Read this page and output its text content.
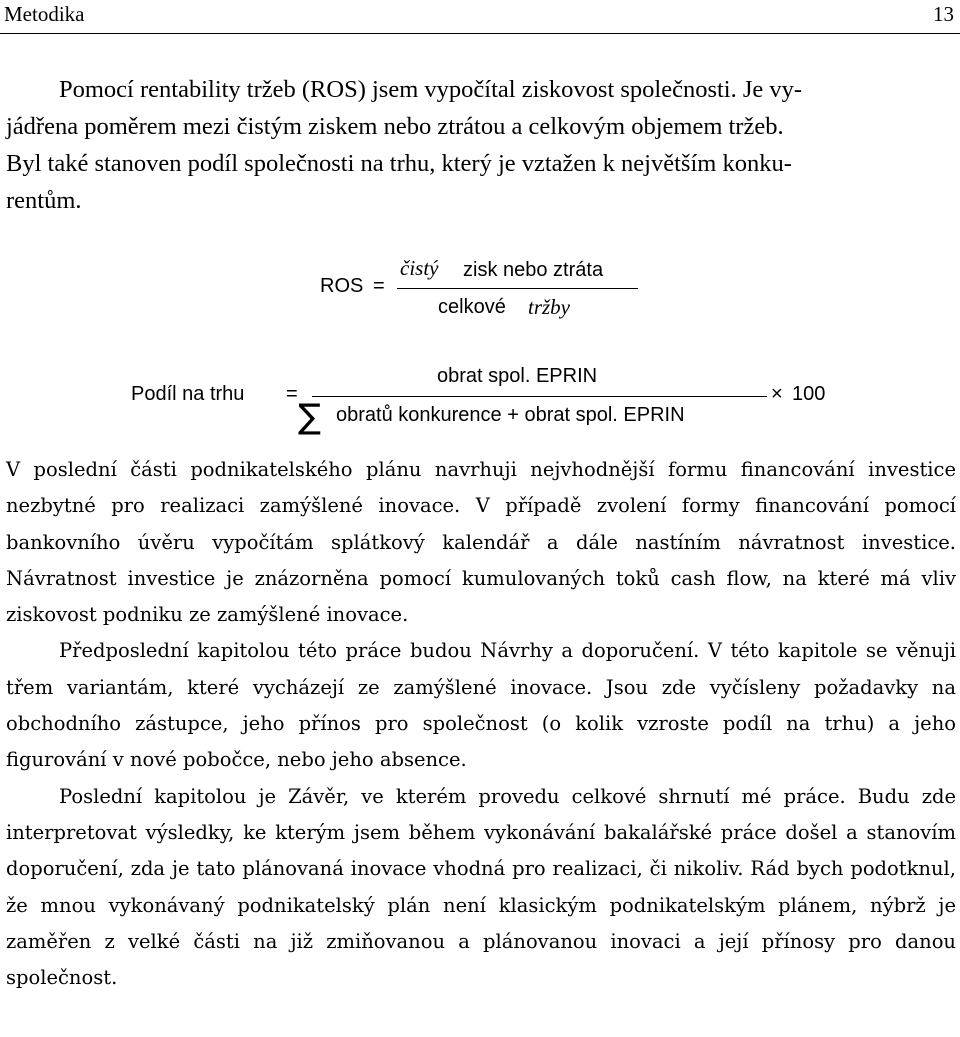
Metodika	13
Pomocí rentability tržeb (ROS) jsem vypočítal ziskovost společnosti. Je vy-
jádřena poměrem mezi čistým ziskem nebo ztrátou a celkovým objemem tržeb.
Byl také stanoven podíl společnosti na trhu, který je vztažen k největším konku-
rentům.
ROS =
čistý zisk nebo ztráta
celkové tržby
Podíl na trhu =
obrat spol. EPRIN
∑ obratů konkurence + obrat spol. EPRIN
× 100

V poslední části podnikatelského plánu navrhuji nejvhodnější formu financování investice nezbytné pro realizaci zamýšlené inovace. V případě zvolení formy financování pomocí bankovního úvěru vypočítám splátkový kalendář a dále nastíním návratnost investice. Návratnost investice je znázorněna pomocí kumulovaných toků cash flow, na které má vliv ziskovost podniku ze zamýšlené inovace.

Předposlední kapitolou této práce budou Návrhy a doporučení. V této kapitole se věnuji třem variantám, které vycházejí ze zamýšlené inovace. Jsou zde vyčísleny požadavky na obchodního zástupce, jeho přínos pro společnost (o kolik vzroste podíl na trhu) a jeho figurování v nové pobočce, nebo jeho absence.

Poslední kapitolou je Závěr, ve kterém provedu celkové shrnutí mé práce. Budu zde interpretovat výsledky, ke kterým jsem během vykonávání bakalářské práce došel a stanovím doporučení, zda je tato plánovaná inovace vhodná pro realizaci, či nikoliv. Rád bych podotknul, že mnou vykonávaný podnikatelský plán není klasickým podnikatelským plánem, nýbrž je zaměřen z velké části na již zmiňovanou a plánovanou inovaci a její přínosy pro danou společnost.
